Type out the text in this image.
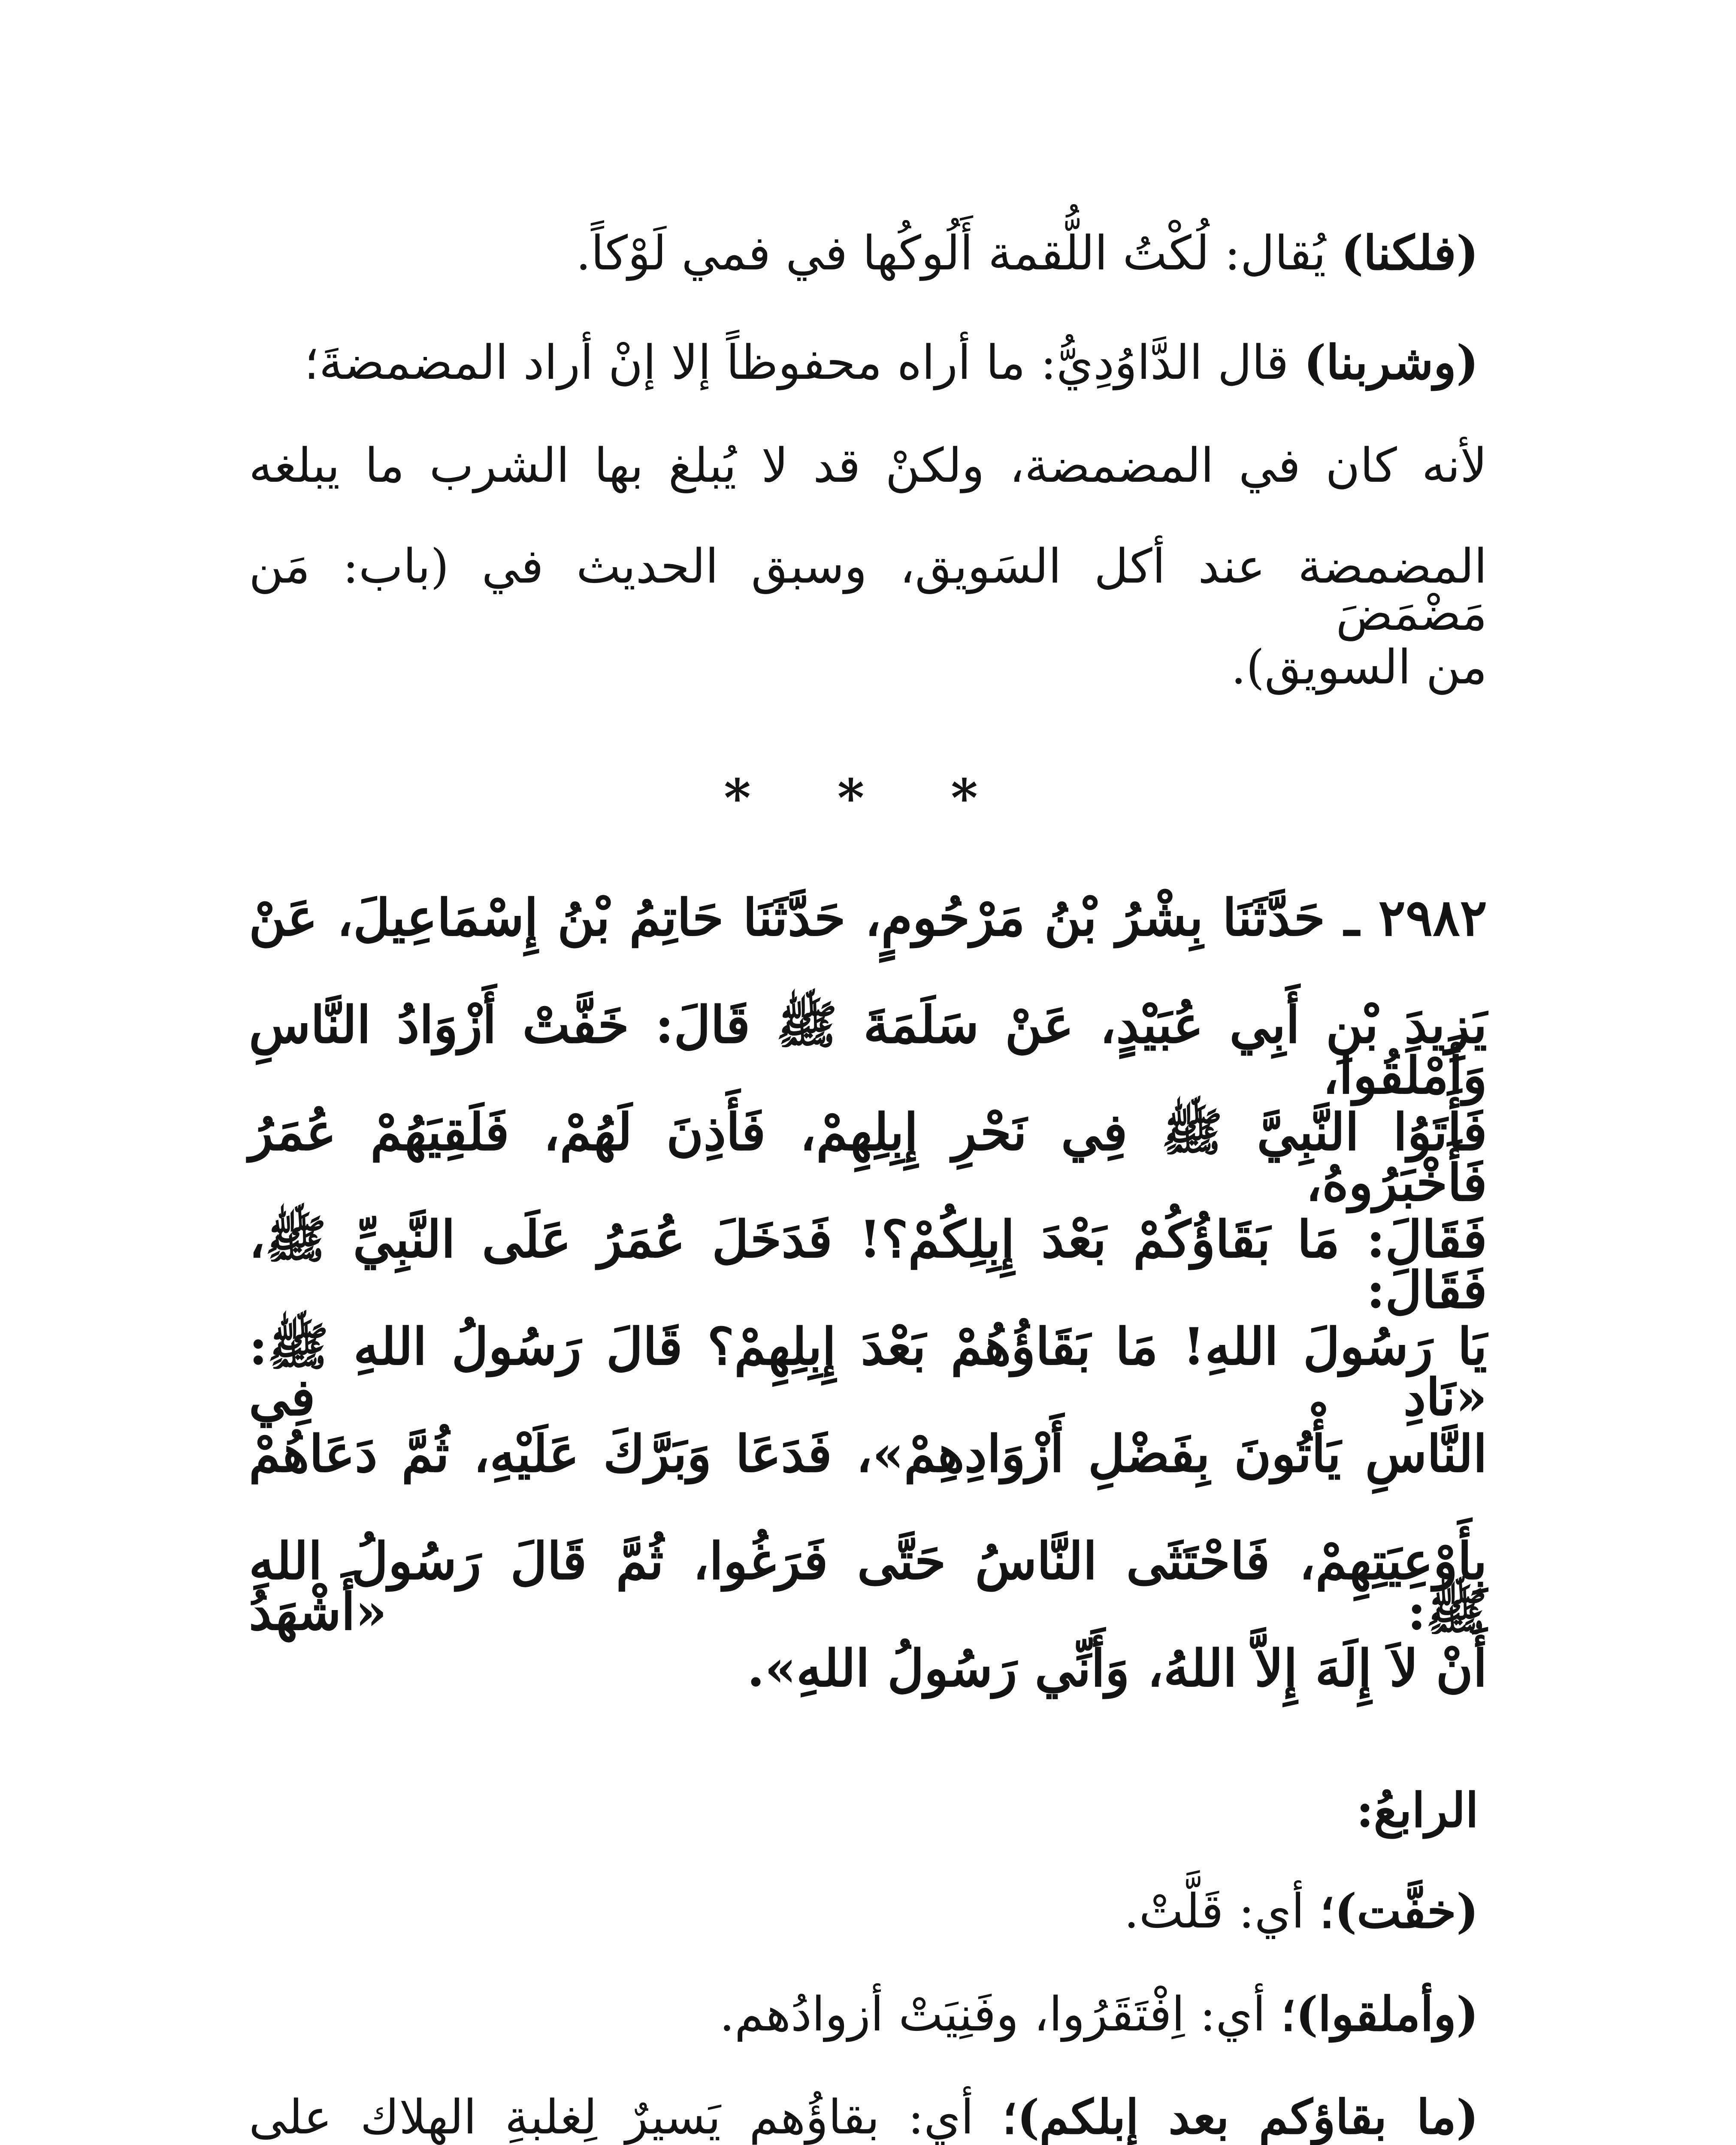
(فلكنا) يُقال: لُكْتُ اللُّقمة أَلُوكُها في فمي لَوْكاً.
(وشربنا) قال الدَّاوُدِيُّ: ما أراه محفوظاً إلا إنْ أراد المضمضةَ؛
لأنه كان في المضمضة، ولكنْ قد لا يُبلغ بها الشرب ما يبلغه
المضمضة عند أكل السَويق، وسبق الحديث في (باب: مَن مَضْمَضَ
من السويق).
* * *
٢٩٨٢ ـ حَدَّثَنَا بِشْرُ بْنُ مَرْحُومٍ، حَدَّثَنَا حَاتِمُ بْنُ إِسْمَاعِيلَ، عَنْ
يَزِيدَ بْنِ أَبِي عُبَيْدٍ، عَنْ سَلَمَةَ ﷺ قَالَ: خَفَّتْ أَزْوَادُ النَّاسِ وَأَمْلَقُوا،
فَأَتَوُا النَّبِيَّ ﷺ فِي نَحْرِ إِبِلِهِمْ، فَأَذِنَ لَهُمْ، فَلَقِيَهُمْ عُمَرُ فَأَخْبَرُوهُ،
فَقَالَ: مَا بَقَاؤُكُمْ بَعْدَ إِبِلِكُمْ؟! فَدَخَلَ عُمَرُ عَلَى النَّبِيِّ ﷺ، فَقَالَ:
يَا رَسُولَ اللهِ! مَا بَقَاؤُهُمْ بَعْدَ إِبِلِهِمْ؟ قَالَ رَسُولُ اللهِ ﷺ: «نَادِ فِي
النَّاسِ يَأْتُونَ بِفَضْلِ أَزْوَادِهِمْ»، فَدَعَا وَبَرَّكَ عَلَيْهِ، ثُمَّ دَعَاهُمْ
بِأَوْعِيَتِهِمْ، فَاحْتَثَى النَّاسُ حَتَّى فَرَغُوا، ثُمَّ قَالَ رَسُولُ اللهِ ﷺ: «أَشْهَدُ
أَنْ لاَ إِلَهَ إِلاَّ اللهُ، وَأَنِّي رَسُولُ اللهِ».
الرابعُ:
(خفَّت)؛ أي: قَلَّتْ.
(وأملقوا)؛ أي: اِفْتَقَرُوا، وفَنِيَتْ أزوادُهم.
(ما بقاؤكم بعد إبلكم)؛ أي: بقاؤُهم يَسيرٌ لِغلبةِ الهلاك على
